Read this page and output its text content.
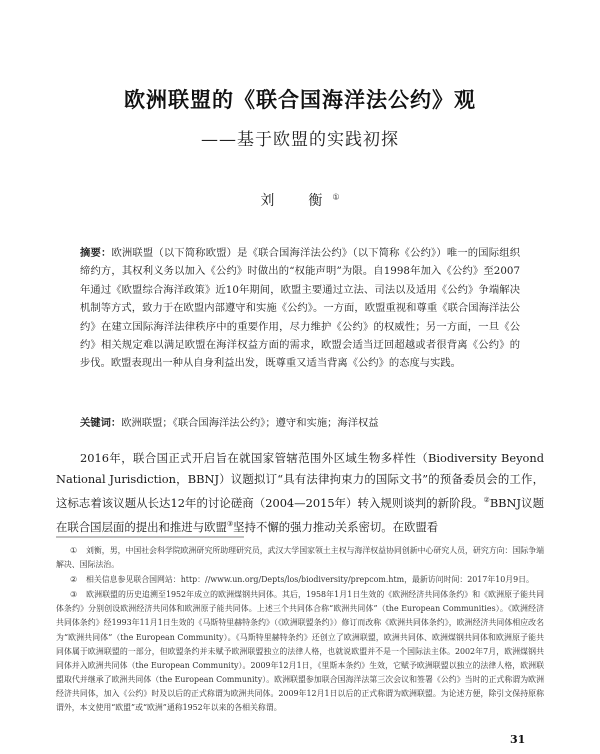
欧洲联盟的《联合国海洋法公约》观
——基于欧盟的实践初探
刘　衡①
摘要：欧洲联盟（以下简称欧盟）是《联合国海洋法公约》（以下简称《公约》）唯一的国际组织缔约方，其权利义务以加入《公约》时做出的“权能声明”为限。自1998年加入《公约》至2007年通过《欧盟综合海洋政策》近10年期间，欧盟主要通过立法、司法以及适用《公约》争端解决机制等方式，致力于在欧盟内部遵守和实施《公约》。一方面，欧盟重视和尊重《联合国海洋法公约》在建立国际海洋法律秩序中的重要作用，尽力维护《公约》的权威性；另一方面，一旦《公约》相关规定难以满足欧盟在海洋权益方面的需求，欧盟会适当迂回超越或者很背离《公约》的步伐。欧盟表现出一种从自身利益出发，既尊重又适当背离《公约》的态度与实践。
关键词：欧洲联盟；《联合国海洋法公约》；遵守和实施；海洋权益

2016年，联合国正式开启旨在就国家管辖范围外区域生物多样性（Biodiversity Beyond National Jurisdiction，BBNJ）议题拟订“具有法律拘束力的国际文书”的预备委员会的工作，这标志着该议题从长达12年的讨论磋商（2004—2015年）转入规则谈判的新阶段。②BBNJ议题在联合国层面的提出和推进与欧盟③坚持不懈的强力推动关系密切。在欧盟看

① 刘衡，男，中国社会科学院欧洲研究所助理研究员，武汉大学国家领土主权与海洋权益协同创新中心研究人员，研究方向：国际争端解决、国际法治。

② 相关信息参见联合国网站：http：//www.un.org/Depts/los/biodiversity/prepcom.htm，最新访问时间：2017年10月9日。

③ 欧洲联盟的历史追溯至1952年成立的欧洲煤钢共同体。其后，1958年1月1日生效的《欧洲经济共同体条约》和《欧洲原子能共同体条约》分别创设欧洲经济共同体和欧洲原子能共同体。上述三个共同体合称“欧洲共同体”（the European Communities）。《欧洲经济共同体条约》经1993年11月1日生效的《马斯特里赫特条约》（《欧洲联盟条约》）修订而改称《欧洲共同体条约》，欧洲经济共同体相应改名为“欧洲共同体”（the European Community）。《马斯特里赫特条约》还创立了欧洲联盟，欧洲共同体、欧洲煤钢共同体和欧洲原子能共同体属于欧洲联盟的一部分，但欧盟条约并未赋予欧洲联盟独立的法律人格，也就说欧盟并不是一个国际法主体。2002年7月，欧洲煤钢共同体并入欧洲共同体（the European Community）。2009年12月1日，《里斯本条约》生效，它赋予欧洲联盟以独立的法律人格，欧洲联盟取代并继承了欧洲共同体（the European Community）。欧洲联盟参加联合国海洋法第三次会议和签署《公约》当时的正式称谓为欧洲经济共同体，加入《公约》时及以后的正式称谓为欧洲共同体。2009年12月1日以后的正式称谓为欧洲联盟。为论述方便，除引文保持原称谓外，本文使用“欧盟”或“欧洲”通称1952年以来的各相关称谓。

31
